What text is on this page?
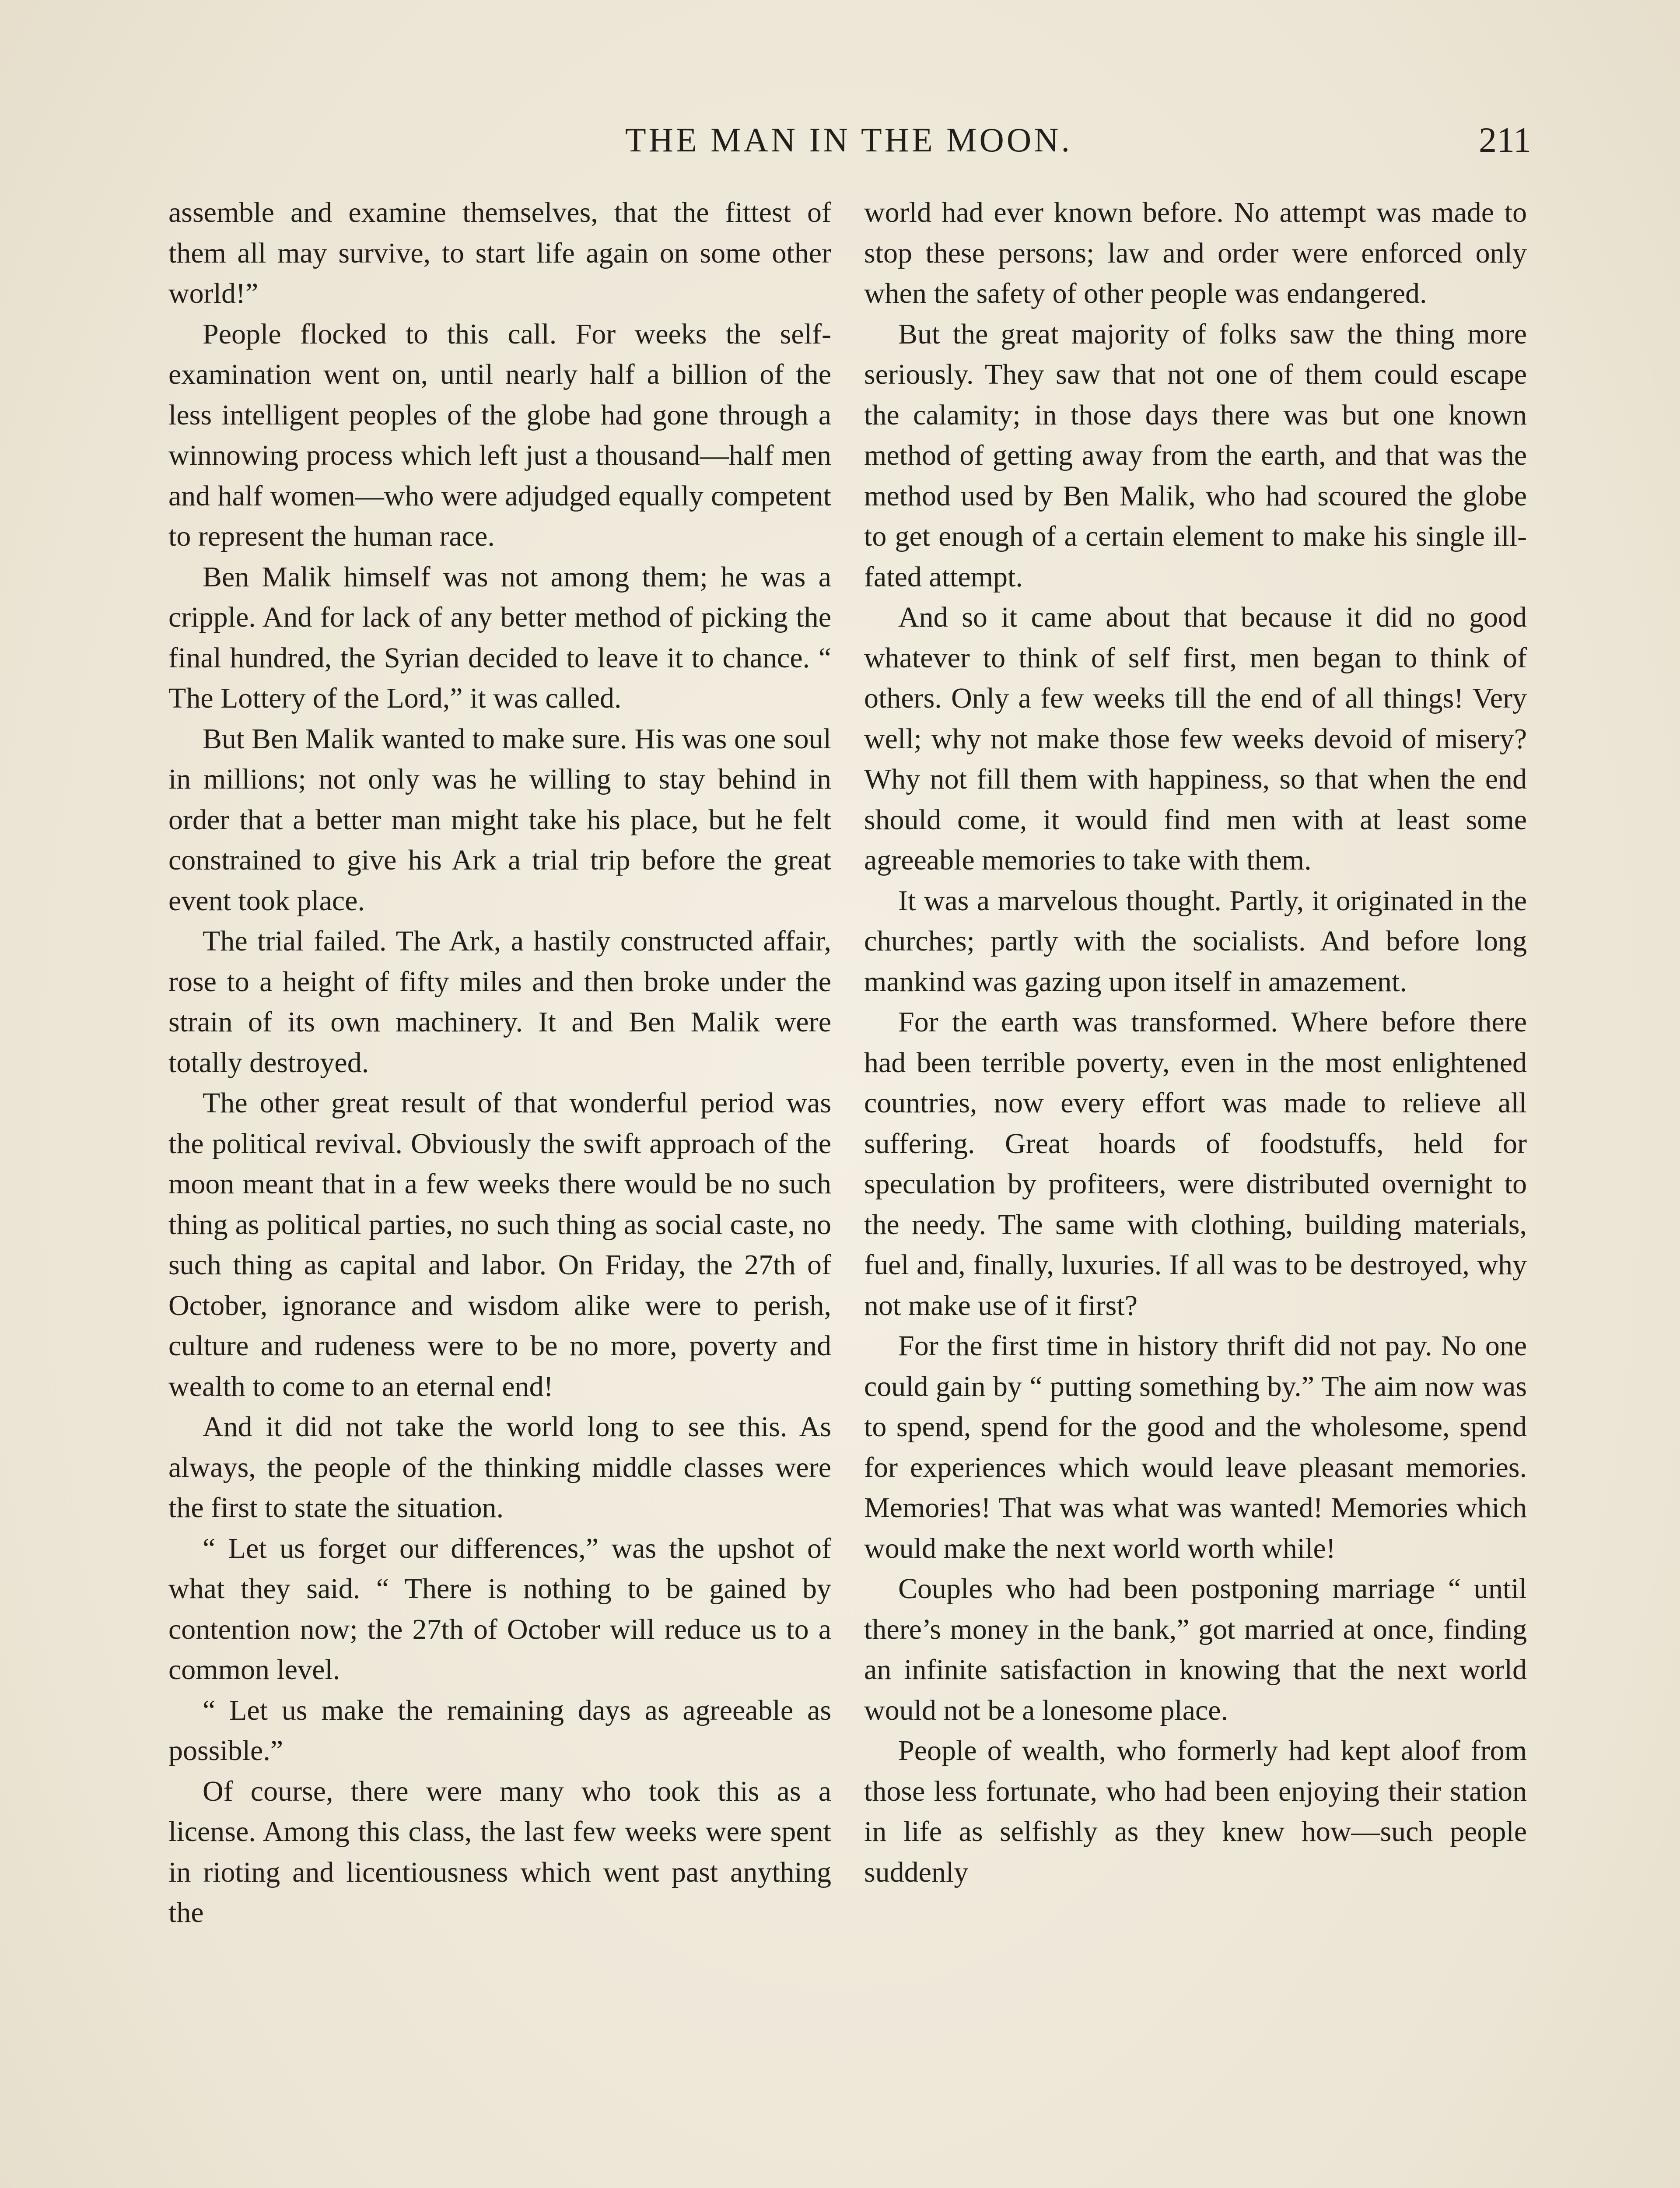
THE MAN IN THE MOON.	211

assemble and examine themselves, that the fittest of them all may survive, to start life again on some other world!”

People flocked to this call. For weeks the self-examination went on, until nearly half a billion of the less intelligent peoples of the globe had gone through a winnowing process which left just a thousand—half men and half women—who were adjudged equally competent to represent the human race.

Ben Malik himself was not among them; he was a cripple. And for lack of any better method of picking the final hundred, the Syrian decided to leave it to chance. “ The Lottery of the Lord,” it was called.

But Ben Malik wanted to make sure. His was one soul in millions; not only was he willing to stay behind in order that a better man might take his place, but he felt constrained to give his Ark a trial trip before the great event took place.

The trial failed. The Ark, a hastily constructed affair, rose to a height of fifty miles and then broke under the strain of its own machinery. It and Ben Malik were totally destroyed.

The other great result of that wonderful period was the political revival. Obviously the swift approach of the moon meant that in a few weeks there would be no such thing as political parties, no such thing as social caste, no such thing as capital and labor. On Friday, the 27th of October, ignorance and wisdom alike were to perish, culture and rudeness were to be no more, poverty and wealth to come to an eternal end!

And it did not take the world long to see this. As always, the people of the thinking middle classes were the first to state the situation.

“ Let us forget our differences,” was the upshot of what they said. “ There is nothing to be gained by contention now; the 27th of October will reduce us to a common level.

“ Let us make the remaining days as agreeable as possible.”

Of course, there were many who took this as a license. Among this class, the last few weeks were spent in rioting and licentiousness which went past anything the

world had ever known before. No attempt was made to stop these persons; law and order were enforced only when the safety of other people was endangered.

But the great majority of folks saw the thing more seriously. They saw that not one of them could escape the calamity; in those days there was but one known method of getting away from the earth, and that was the method used by Ben Malik, who had scoured the globe to get enough of a certain element to make his single ill-fated attempt.

And so it came about that because it did no good whatever to think of self first, men began to think of others. Only a few weeks till the end of all things! Very well; why not make those few weeks devoid of misery? Why not fill them with happiness, so that when the end should come, it would find men with at least some agreeable memories to take with them.

It was a marvelous thought. Partly, it originated in the churches; partly with the socialists. And before long mankind was gazing upon itself in amazement.

For the earth was transformed. Where before there had been terrible poverty, even in the most enlightened countries, now every effort was made to relieve all suffering. Great hoards of foodstuffs, held for speculation by profiteers, were distributed overnight to the needy. The same with clothing, building materials, fuel and, finally, luxuries. If all was to be destroyed, why not make use of it first?

For the first time in history thrift did not pay. No one could gain by “ putting something by.” The aim now was to spend, spend for the good and the wholesome, spend for experiences which would leave pleasant memories. Memories! That was what was wanted! Memories which would make the next world worth while!

Couples who had been postponing marriage “ until there’s money in the bank,” got married at once, finding an infinite satisfaction in knowing that the next world would not be a lonesome place.

People of wealth, who formerly had kept aloof from those less fortunate, who had been enjoying their station in life as selfishly as they knew how—such people suddenly
